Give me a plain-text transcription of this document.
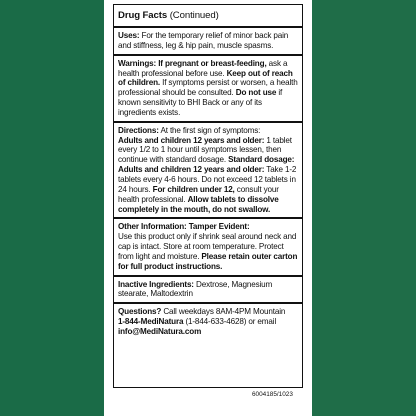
Drug Facts (Continued)
Uses: For the temporary relief of minor back pain and stiffness, leg & hip pain, muscle spasms.
Warnings: If pregnant or breast-feeding, ask a health professional before use. Keep out of reach of children. If symptoms persist or worsen, a health professional should be consulted. Do not use if known sensitivity to BHI Back or any of its ingredients exists.
Directions: At the first sign of symptoms:
Adults and children 12 years and older: 1 tablet every 1/2 to 1 hour until symptoms lessen, then continue with standard dosage. Standard dosage: Adults and children 12 years and older: Take 1-2 tablets every 4-6 hours. Do not exceed 12 tablets in 24 hours. For children under 12, consult your health professional. Allow tablets to dissolve completely in the mouth, do not swallow.
Other Information: Tamper Evident:
Use this product only if shrink seal around neck and cap is intact. Store at room temperature. Protect from light and moisture. Please retain outer carton for full product instructions.
Inactive Ingredients: Dextrose, Magnesium stearate, Maltodextrin
Questions? Call weekdays 8AM-4PM Mountain
1-844-MediNatura (1-844-633-4628) or email
info@MediNatura.com
6004185/1023
